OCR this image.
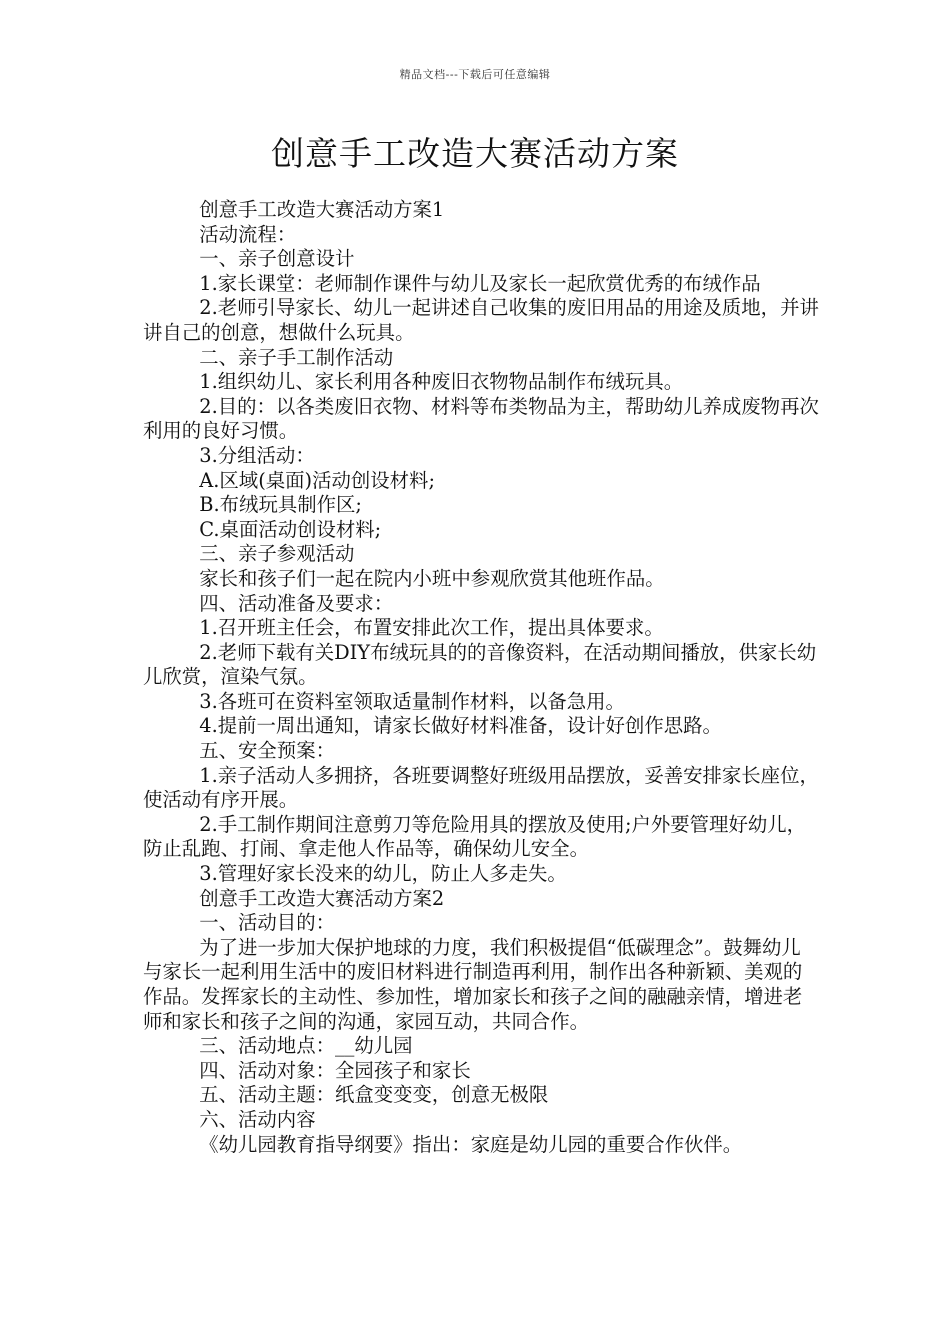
精品文档---下载后可任意编辑
创意手工改造大赛活动方案

创意手工改造大赛活动方案1

活动流程：

一、亲子创意设计

1.家长课堂：老师制作课件与幼儿及家长一起欣赏优秀的布绒作品

2.老师引导家长、幼儿一起讲述自己收集的废旧用品的用途及质地，并讲讲自己的创意，想做什么玩具。

二、亲子手工制作活动

1.组织幼儿、家长利用各种废旧衣物物品制作布绒玩具。

2.目的：以各类废旧衣物、材料等布类物品为主，帮助幼儿养成废物再次利用的良好习惯。

3.分组活动：

A.区域(桌面)活动创设材料;

B.布绒玩具制作区;

C.桌面活动创设材料;

三、亲子参观活动

家长和孩子们一起在院内小班中参观欣赏其他班作品。

四、活动准备及要求：

1.召开班主任会，布置安排此次工作，提出具体要求。

2.老师下载有关DIY布绒玩具的的音像资料，在活动期间播放，供家长幼儿欣赏，渲染气氛。

3.各班可在资料室领取适量制作材料，以备急用。

4.提前一周出通知，请家长做好材料准备，设计好创作思路。

五、安全预案：

1.亲子活动人多拥挤，各班要调整好班级用品摆放，妥善安排家长座位，使活动有序开展。

2.手工制作期间注意剪刀等危险用具的摆放及使用;户外要管理好幼儿，防止乱跑、打闹、拿走他人作品等，确保幼儿安全。

3.管理好家长没来的幼儿，防止人多走失。

创意手工改造大赛活动方案2

一、活动目的：

为了进一步加大保护地球的力度，我们积极提倡“低碳理念”。鼓舞幼儿与家长一起利用生活中的废旧材料进行制造再利用，制作出各种新颖、美观的作品。发挥家长的主动性、参加性，增加家长和孩子之间的融融亲情，增进老师和家长和孩子之间的沟通，家园互动，共同合作。

三、活动地点：__幼儿园

四、活动对象：全园孩子和家长

五、活动主题：纸盒变变变，创意无极限

六、活动内容

《幼儿园教育指导纲要》指出：家庭是幼儿园的重要合作伙伴。
